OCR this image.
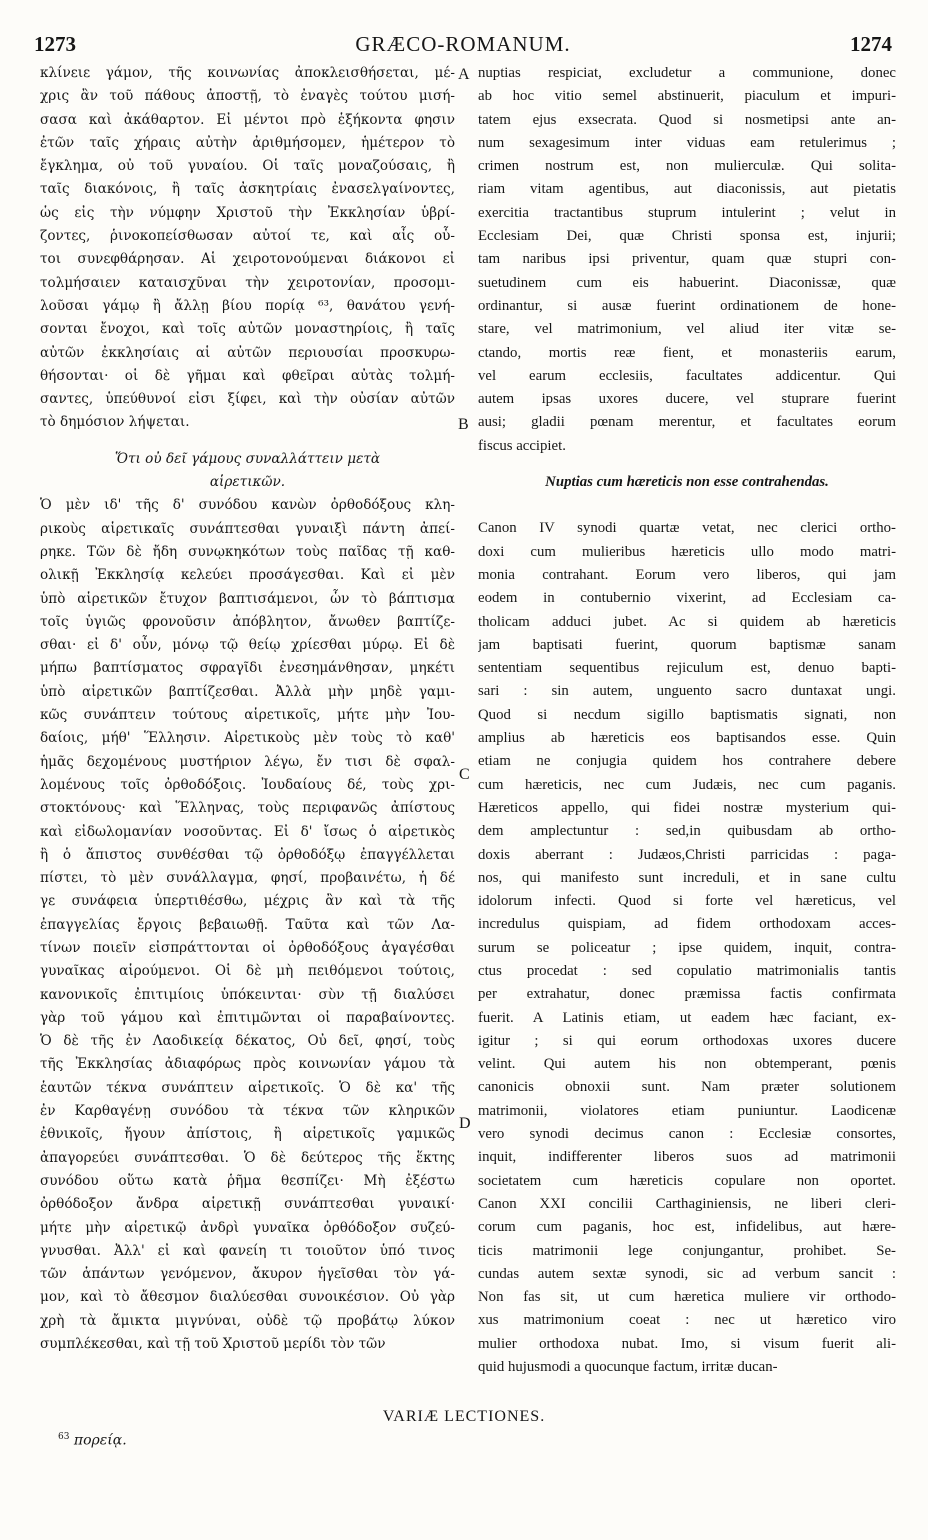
1273	GRÆCO-ROMANUM.	1274
A
B
C
D
κλίνειε γάμον, τῆς κοινωνίας ἀποκλεισθήσεται, μέ-
χρις ἂν τοῦ πάθους ἀποστῇ, τὸ ἐναγὲς τούτου μισή-
σασα καὶ ἀκάθαρτον. Εἰ μέντοι πρὸ ἑξήκοντα φησιν
ἐτῶν ταῖς χήραις αὐτὴν ἀριθμήσομεν, ἡμέτερον τὸ
ἔγκλημα, οὐ τοῦ γυναίου. Οἱ ταῖς μοναζούσαις, ἢ
ταῖς διακόνοις, ἢ ταῖς ἀσκητρίαις ἐνασελγαίνοντες,
ὡς εἰς τὴν νύμφην Χριστοῦ τὴν Ἐκκλησίαν ὑβρί-
ζοντες, ῥινοκοπείσθωσαν αὐτοί τε, καὶ αἷς οὗ-
τοι συνεφθάρησαν. Αἱ χειροτονούμεναι διάκονοι εἰ
τολμήσαιεν καταισχῦναι τὴν χειροτονίαν, προσομι-
λοῦσαι γάμῳ ἢ ἄλλῃ βίου πορίᾳ ⁶³, θανάτου γενή-
σονται ἔνοχοι, καὶ τοῖς αὐτῶν μοναστηρίοις, ἢ ταῖς
αὐτῶν ἐκκλησίαις αἱ αὐτῶν περιουσίαι προσκυρω-
θήσονται· οἱ δὲ γῆμαι καὶ φθεῖραι αὐτὰς τολμή-
σαντες, ὑπεύθυνοί εἰσι ξίφει, καὶ τὴν οὐσίαν αὐτῶν
τὸ δημόσιον λήψεται.
Ὅτι οὐ δεῖ γάμους συναλλάττειν μετὰ
αἱρετικῶν.
Ὁ μὲν ιδ' τῆς δ' συνόδου κανὼν ὀρθοδόξους κλη-
ρικοὺς αἱρετικαῖς συνάπτεσθαι γυναιξὶ πάντη ἀπεί-
ρηκε. Τῶν δὲ ἤδη συνῳκηκότων τοὺς παῖδας τῇ καθ-
ολικῇ Ἐκκλησίᾳ κελεύει προσάγεσθαι. Καὶ εἰ μὲν
ὑπὸ αἱρετικῶν ἔτυχον βαπτισάμενοι, ὧν τὸ βάπτισμα
τοῖς ὑγιῶς φρονοῦσιν ἀπόβλητον, ἄνωθεν βαπτίζε-
σθαι· εἰ δ' οὖν, μόνῳ τῷ θείῳ χρίεσθαι μύρῳ. Εἰ δὲ
μήπω βαπτίσματος σφραγῖδι ἐνεσημάνθησαν, μηκέτι
ὑπὸ αἱρετικῶν βαπτίζεσθαι. Ἀλλὰ μὴν μηδὲ γαμι-
κῶς συνάπτειν τούτους αἱρετικοῖς, μήτε μὴν Ἰου-
δαίοις, μήθ' Ἕλλησιν. Αἱρετικοὺς μὲν τοὺς τὸ καθ'
ἡμᾶς δεχομένους μυστήριον λέγω, ἔν τισι δὲ σφαλ-
λομένους τοῖς ὀρθοδόξοις. Ἰουδαίους δέ, τοὺς χρι-
στοκτόνους· καὶ Ἕλληνας, τοὺς περιφανῶς ἀπίστους
καὶ εἰδωλομανίαν νοσοῦντας. Εἰ δ' ἴσως ὁ αἱρετικὸς
ἢ ὁ ἄπιστος συνθέσθαι τῷ ὀρθοδόξῳ ἐπαγγέλλεται
πίστει, τὸ μὲν συνάλλαγμα, φησί, προβαινέτω, ἡ δέ
γε συνάφεια ὑπερτιθέσθω, μέχρις ἂν καὶ τὰ τῆς
ἐπαγγελίας ἔργοις βεβαιωθῇ. Ταῦτα καὶ τῶν Λα-
τίνων ποιεῖν εἰσπράττονται οἱ ὀρθοδόξους ἀγαγέσθαι
γυναῖκας αἱρούμενοι. Οἱ δὲ μὴ πειθόμενοι τούτοις,
κανονικοῖς ἐπιτιμίοις ὑπόκεινται· σὺν τῇ διαλύσει
γὰρ τοῦ γάμου καὶ ἐπιτιμῶνται οἱ παραβαίνοντες.
Ὁ δὲ τῆς ἐν Λαοδικείᾳ δέκατος, Οὐ δεῖ, φησί, τοὺς
τῆς Ἐκκλησίας ἀδιαφόρως πρὸς κοινωνίαν γάμου τὰ
ἑαυτῶν τέκνα συνάπτειν αἱρετικοῖς. Ὁ δὲ κα' τῆς
ἐν Καρθαγένῃ συνόδου τὰ τέκνα τῶν κληρικῶν
ἐθνικοῖς, ἤγουν ἀπίστοις, ἢ αἱρετικοῖς γαμικῶς
ἀπαγορεύει συνάπτεσθαι. Ὁ δὲ δεύτερος τῆς ἕκτης
συνόδου οὕτω κατὰ ῥῆμα θεσπίζει· Μὴ ἐξέστω
ὀρθόδοξον ἄνδρα αἱρετικῇ συνάπτεσθαι γυναικί·
μήτε μὴν αἱρετικῷ ἀνδρὶ γυναῖκα ὀρθόδοξον συζεύ-
γνυσθαι. Ἀλλ' εἰ καὶ φανείη τι τοιοῦτον ὑπό τινος
τῶν ἁπάντων γενόμενον, ἄκυρον ἡγεῖσθαι τὸν γά-
μον, καὶ τὸ ἄθεσμον διαλύεσθαι συνοικέσιον. Οὐ γὰρ
χρὴ τὰ ἄμικτα μιγνύναι, οὐδὲ τῷ προβάτῳ λύκον
συμπλέκεσθαι, καὶ τῇ τοῦ Χριστοῦ μερίδι τὸν τῶν
nuptias respiciat, excludetur a communione, donec
ab hoc vitio semel abstinuerit, piaculum et impuri-
tatem ejus exsecrata. Quod si nosmetipsi ante an-
num sexagesimum inter viduas eam retulerimus ;
crimen nostrum est, non mulierculæ. Qui solita-
riam vitam agentibus, aut diaconissis, aut pietatis
exercitia tractantibus stuprum intulerint ; velut in
Ecclesiam Dei, quæ Christi sponsa est, injurii;
tam naribus ipsi priventur, quam quæ stupri con-
suetudinem cum eis habuerint. Diaconissæ, quæ
ordinantur, si ausæ fuerint ordinationem de hone-
stare, vel matrimonium, vel aliud iter vitæ se-
ctando, mortis reæ fient, et monasteriis earum,
vel earum ecclesiis, facultates addicentur. Qui
autem ipsas uxores ducere, vel stuprare fuerint
ausi; gladii pœnam merentur, et facultates eorum
fiscus accipiet.
Nuptias cum hæreticis non esse contrahendas.
Canon IV synodi quartæ vetat, nec clerici ortho-
doxi cum mulieribus hæreticis ullo modo matri-
monia contrahant. Eorum vero liberos, qui jam
eodem in contubernio vixerint, ad Ecclesiam ca-
tholicam adduci jubet. Ac si quidem ab hæreticis
jam baptisati fuerint, quorum baptismæ sanam
sententiam sequentibus rejiculum est, denuo bapti-
sari : sin autem, unguento sacro duntaxat ungi.
Quod si necdum sigillo baptismatis signati, non
amplius ab hæreticis eos baptisandos esse. Quin
etiam ne conjugia quidem hos contrahere debere
cum hæreticis, nec cum Judæis, nec cum paganis.
Hæreticos appello, qui fidei nostræ mysterium qui-
dem amplectuntur : sed,in quibusdam ab ortho-
doxis aberrant : Judæos,Christi parricidas : paga-
nos, qui manifesto sunt increduli, et in sane cultu
idolorum infecti. Quod si forte vel hæreticus, vel
incredulus quispiam, ad fidem orthodoxam acces-
surum se policeatur ; ipse quidem, inquit, contra-
ctus procedat : sed copulatio matrimonialis tantis
per extrahatur, donec præmissa factis confirmata
fuerit. A Latinis etiam, ut eadem hæc faciant, ex-
igitur ; si qui eorum orthodoxas uxores ducere
velint. Qui autem his non obtemperant, pœnis
canonicis obnoxii sunt. Nam præter solutionem
matrimonii, violatores etiam puniuntur. Laodicenæ
vero synodi decimus canon : Ecclesiæ consortes,
inquit, indifferenter liberos suos ad matrimonii
societatem cum hæreticis copulare non oportet.
Canon XXI concilii Carthaginiensis, ne liberi cleri-
corum cum paganis, hoc est, infidelibus, aut hære-
ticis matrimonii lege conjungantur, prohibet. Se-
cundas autem sextæ synodi, sic ad verbum sancit :
Non fas sit, ut cum hæretica muliere vir orthodo-
xus matrimonium coeat : nec ut hæretico viro
mulier orthodoxa nubat. Imo, si visum fuerit ali-
quid hujusmodi a quocunque factum, irritæ ducan-
VARIÆ LECTIONES.
$^{63}$ πορείᾳ.
